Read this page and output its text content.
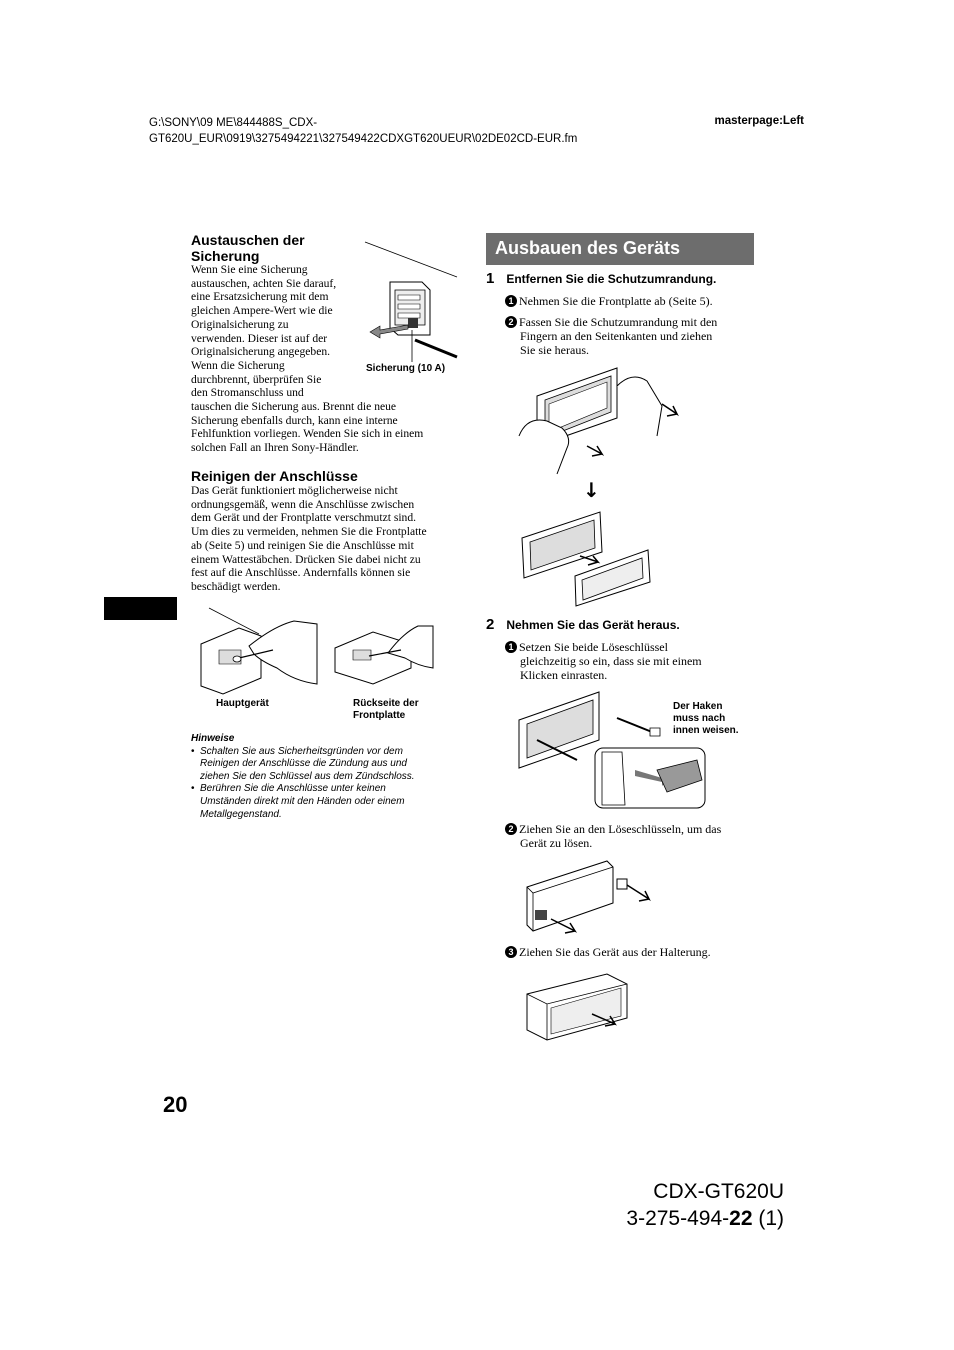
G:\SONY\09 ME\844488S_CDX-
GT620U_EUR\0919\3275494221\327549422CDXGT620UEUR\02DE02CD-EUR.fm
masterpage:Left
Austauschen der
Sicherung
Wenn Sie eine Sicherung
austauschen, achten Sie darauf,
eine Ersatzsicherung mit dem
gleichen Ampere-Wert wie die
Originalsicherung zu
verwenden. Dieser ist auf der
Originalsicherung angegeben.
Wenn die Sicherung
durchbrennt, überprüfen Sie
den Stromanschluss und
tauschen die Sicherung aus. Brennt die neue
Sicherung ebenfalls durch, kann eine interne
Fehlfunktion vorliegen. Wenden Sie sich in einem
solchen Fall an Ihren Sony-Händler.
Sicherung (10 A)
Reinigen der Anschlüsse
Das Gerät funktioniert möglicherweise nicht
ordnungsgemäß, wenn die Anschlüsse zwischen
dem Gerät und der Frontplatte verschmutzt sind.
Um dies zu vermeiden, nehmen Sie die Frontplatte
ab (Seite 5) und reinigen Sie die Anschlüsse mit
einem Wattestäbchen. Drücken Sie dabei nicht zu
fest auf die Anschlüsse. Andernfalls können sie
beschädigt werden.
Hauptgerät	Rückseite der
Frontplatte
Hinweise
• Schalten Sie aus Sicherheitsgründen vor dem
Reinigen der Anschlüsse die Zündung aus und
ziehen Sie den Schlüssel aus dem Zündschloss.
• Berühren Sie die Anschlüsse unter keinen
Umständen direkt mit den Händen oder einem
Metallgegenstand.
Ausbauen des Geräts
1 Entfernen Sie die Schutzumrandung.
1 Nehmen Sie die Frontplatte ab (Seite 5).
2 Fassen Sie die Schutzumrandung mit den
Fingern an den Seitenkanten und ziehen
Sie sie heraus.
↓
2 Nehmen Sie das Gerät heraus.
1 Setzen Sie beide Löseschlüssel
gleichzeitig so ein, dass sie mit einem
Klicken einrasten.
Der Haken
muss nach
innen weisen.
2 Ziehen Sie an den Löseschlüsseln, um das
Gerät zu lösen.
3 Ziehen Sie das Gerät aus der Halterung.
20
CDX-GT620U
3-275-494-22 (1)
